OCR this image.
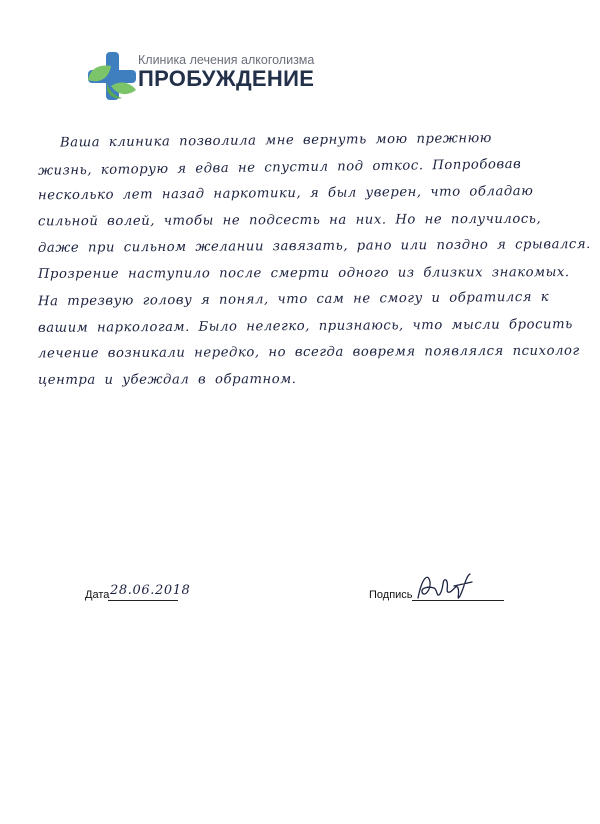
Клиника лечения алкоголизма
ПРОБУЖДЕНИЕ
Ваша клиника позволила мне вернуть мою прежнюю
жизнь, которую я едва не спустил под откос. Попробовав
несколько лет назад наркотики, я был уверен, что обладаю
сильной волей, чтобы не подсесть на них. Но не получилось,
даже при сильном желании завязать, рано или поздно я срывался.
Прозрение наступило после смерти одного из близких знакомых.
На трезвую голову я понял, что сам не смогу и обратился к
вашим наркологам. Было нелегко, признаюсь, что мысли бросить
лечение возникали нередко, но всегда вовремя появлялся психолог
центра и убеждал в обратном.
Дата 28.06.2018	Подпись
